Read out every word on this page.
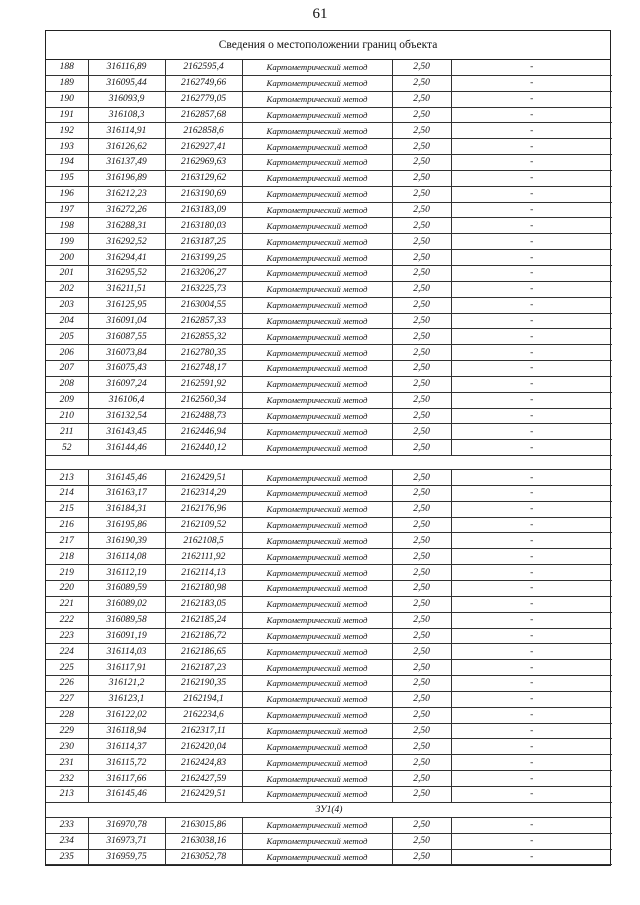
61
Сведения о местоположении границ объекта
188	316116,89	2162595,4	Картометрический метод	2,50	-
189	316095,44	2162749,66	Картометрический метод	2,50	-
190	316093,9	2162779,05	Картометрический метод	2,50	-
191	316108,3	2162857,68	Картометрический метод	2,50	-
192	316114,91	2162858,6	Картометрический метод	2,50	-
193	316126,62	2162927,41	Картометрический метод	2,50	-
194	316137,49	2162969,63	Картометрический метод	2,50	-
195	316196,89	2163129,62	Картометрический метод	2,50	-
196	316212,23	2163190,69	Картометрический метод	2,50	-
197	316272,26	2163183,09	Картометрический метод	2,50	-
198	316288,31	2163180,03	Картометрический метод	2,50	-
199	316292,52	2163187,25	Картометрический метод	2,50	-
200	316294,41	2163199,25	Картометрический метод	2,50	-
201	316295,52	2163206,27	Картометрический метод	2,50	-
202	316211,51	2163225,73	Картометрический метод	2,50	-
203	316125,95	2163004,55	Картометрический метод	2,50	-
204	316091,04	2162857,33	Картометрический метод	2,50	-
205	316087,55	2162855,32	Картометрический метод	2,50	-
206	316073,84	2162780,35	Картометрический метод	2,50	-
207	316075,43	2162748,17	Картометрический метод	2,50	-
208	316097,24	2162591,92	Картометрический метод	2,50	-
209	316106,4	2162560,34	Картометрический метод	2,50	-
210	316132,54	2162488,73	Картометрический метод	2,50	-
211	316143,45	2162446,94	Картометрический метод	2,50	-
52	316144,46	2162440,12	Картометрический метод	2,50	-

213	316145,46	2162429,51	Картометрический метод	2,50	-
214	316163,17	2162314,29	Картометрический метод	2,50	-
215	316184,31	2162176,96	Картометрический метод	2,50	-
216	316195,86	2162109,52	Картометрический метод	2,50	-
217	316190,39	2162108,5	Картометрический метод	2,50	-
218	316114,08	2162111,92	Картометрический метод	2,50	-
219	316112,19	2162114,13	Картометрический метод	2,50	-
220	316089,59	2162180,98	Картометрический метод	2,50	-
221	316089,02	2162183,05	Картометрический метод	2,50	-
222	316089,58	2162185,24	Картометрический метод	2,50	-
223	316091,19	2162186,72	Картометрический метод	2,50	-
224	316114,03	2162186,65	Картометрический метод	2,50	-
225	316117,91	2162187,23	Картометрический метод	2,50	-
226	316121,2	2162190,35	Картометрический метод	2,50	-
227	316123,1	2162194,1	Картометрический метод	2,50	-
228	316122,02	2162234,6	Картометрический метод	2,50	-
229	316118,94	2162317,11	Картометрический метод	2,50	-
230	316114,37	2162420,04	Картометрический метод	2,50	-
231	316115,72	2162424,83	Картометрический метод	2,50	-
232	316117,66	2162427,59	Картометрический метод	2,50	-
213	316145,46	2162429,51	Картометрический метод	2,50	-
ЗУ1(4)					
233	316970,78	2163015,86	Картометрический метод	2,50	-
234	316973,71	2163038,16	Картометрический метод	2,50	-
235	316959,75	2163052,78	Картометрический метод	2,50	-
